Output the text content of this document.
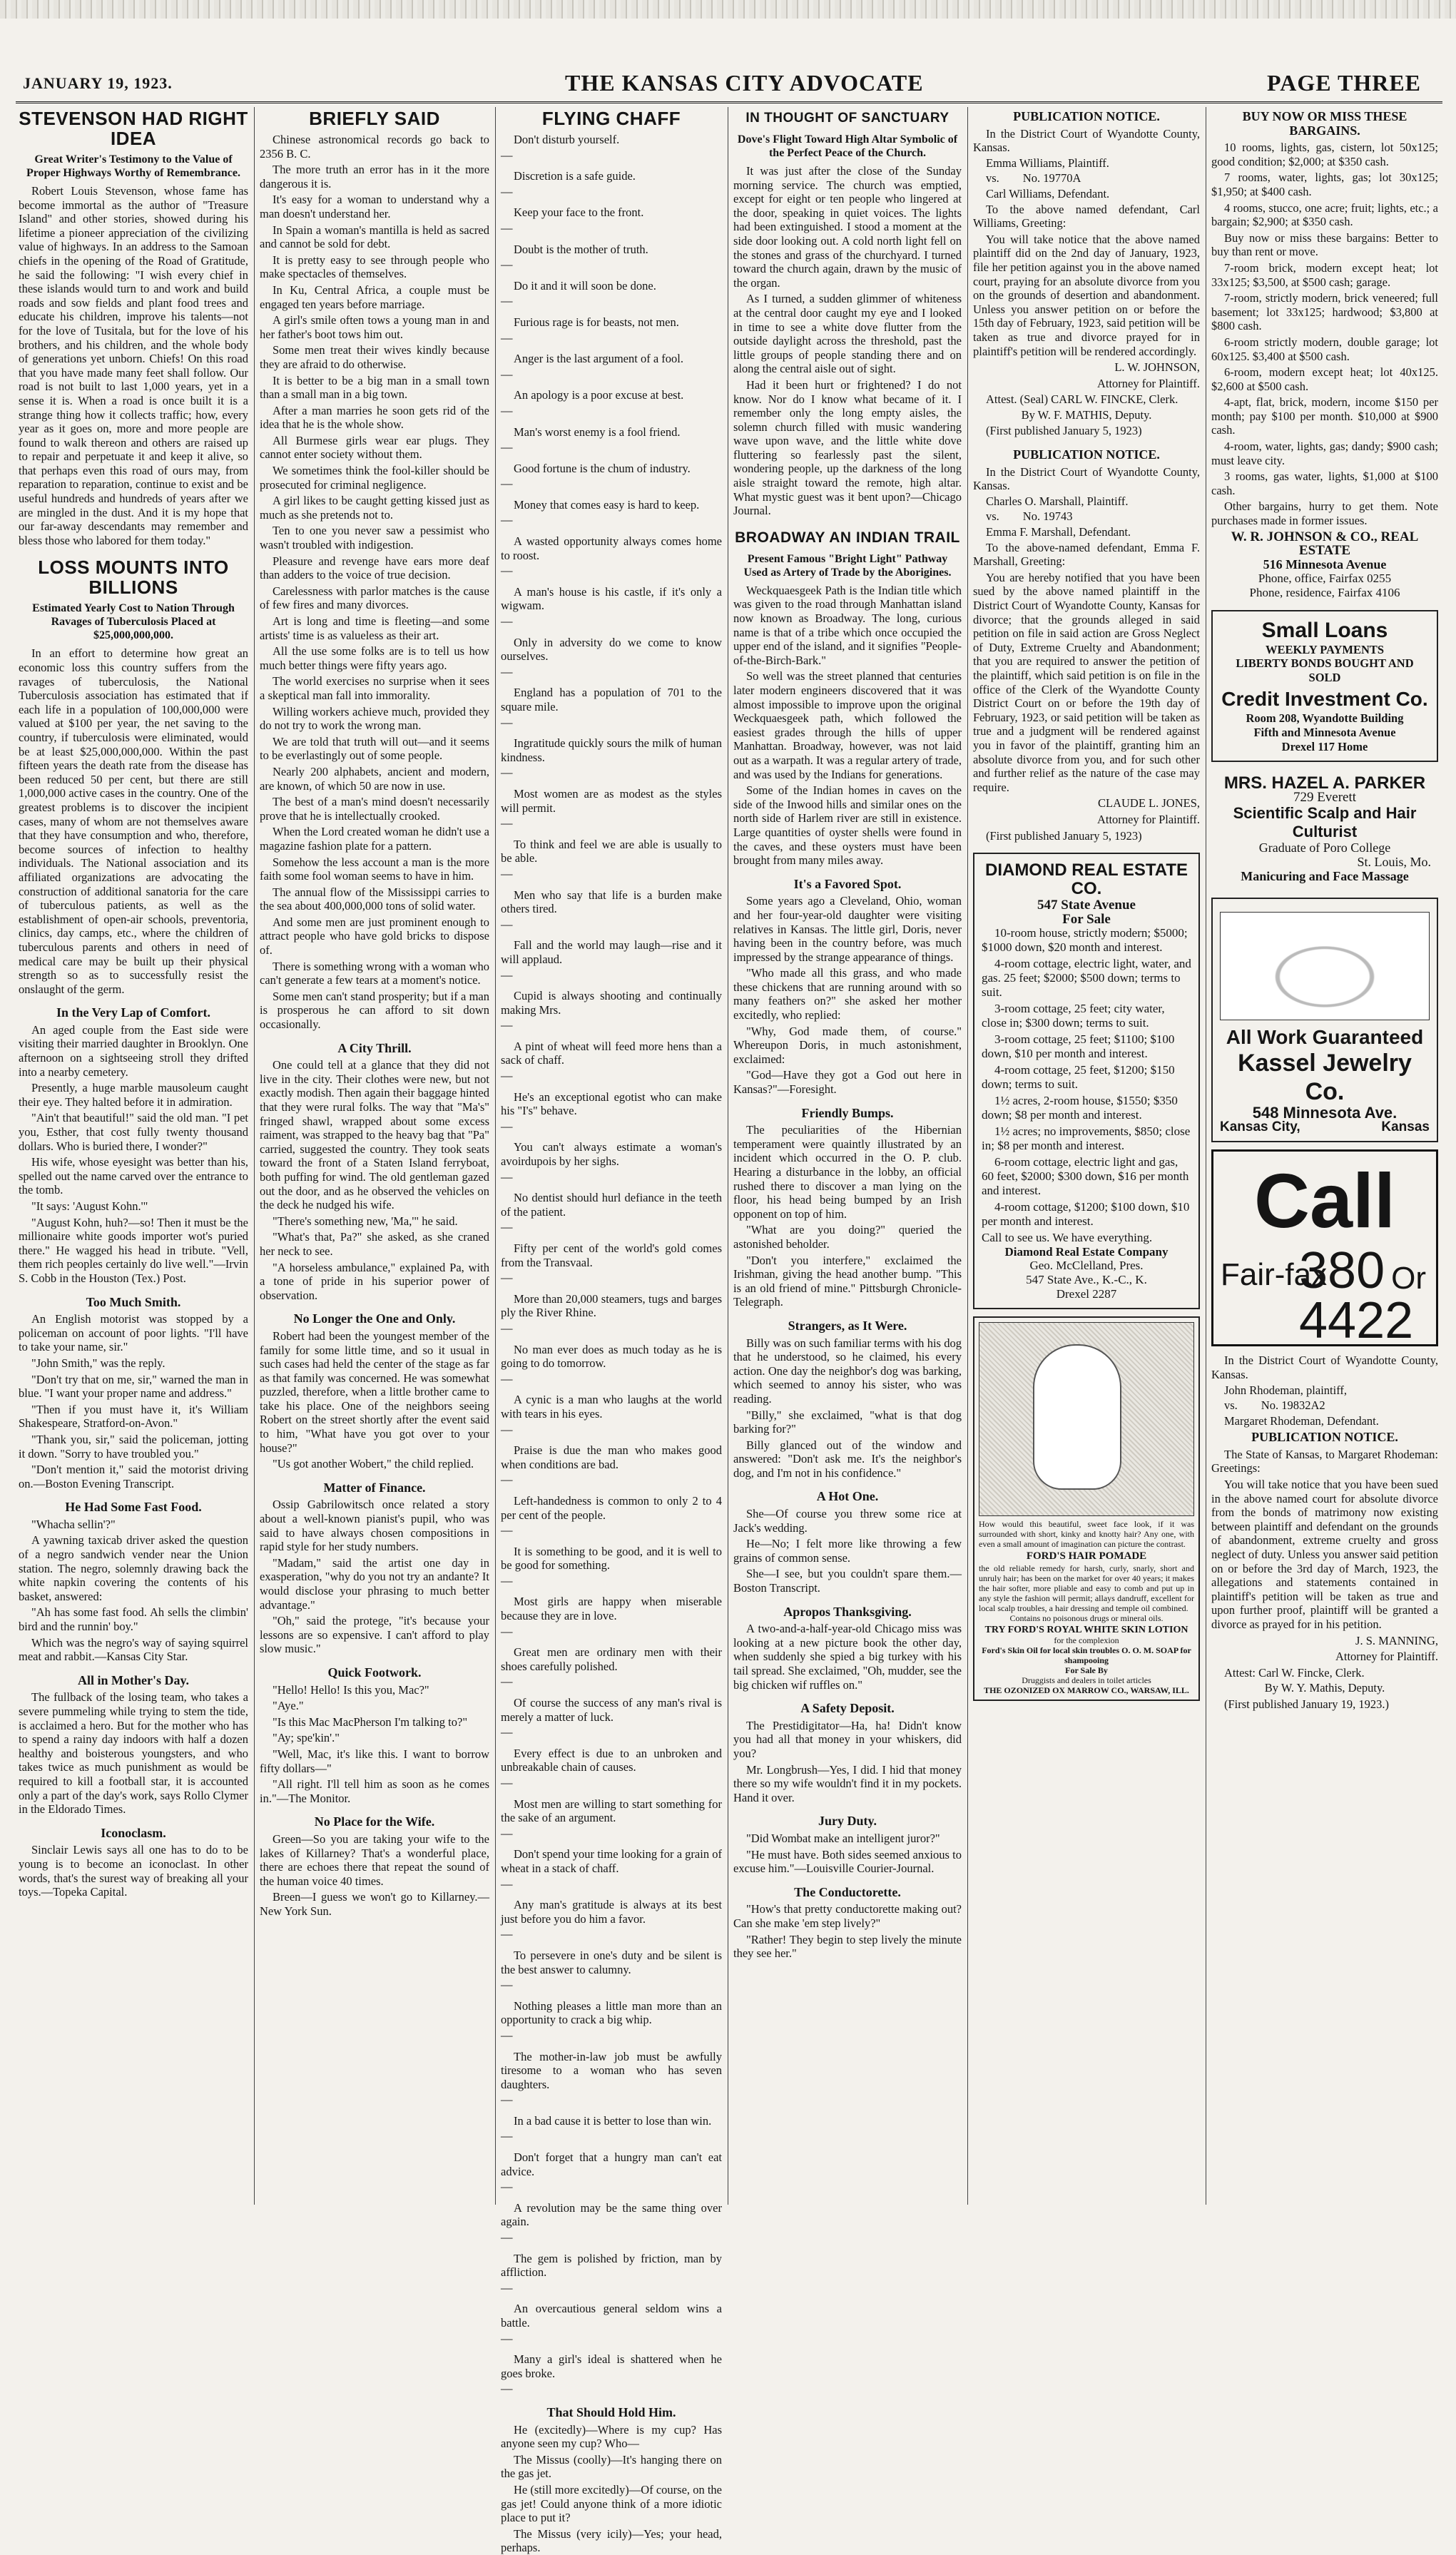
JANUARY 19, 1923.	THE KANSAS CITY ADVOCATE	PAGE THREE
STEVENSON HAD RIGHT IDEA
Great Writer's Testimony to the Value of Proper Highways Worthy of Remembrance.

Robert Louis Stevenson, whose fame has become immortal as the author of "Treasure Island" and other stories, showed during his lifetime a pioneer appreciation of the civilizing value of highways. In an address to the Samoan chiefs in the opening of the Road of Gratitude, he said the following: "I wish every chief in these islands would turn to and work and build roads and sow fields and plant food trees and educate his children, improve his talents—not for the love of Tusitala, but for the love of his brothers, and his children, and the whole body of generations yet unborn. Chiefs! On this road that you have made many feet shall follow. Our road is not built to last 1,000 years, yet in a sense it is. When a road is once built it is a strange thing how it collects traffic; how, every year as it goes on, more and more people are found to walk thereon and others are raised up to repair and perpetuate it and keep it alive, so that perhaps even this road of ours may, from reparation to reparation, continue to exist and be useful hundreds and hundreds of years after we are mingled in the dust. And it is my hope that our far-away descendants may remember and bless those who labored for them today."

LOSS MOUNTS INTO BILLIONS
Estimated Yearly Cost to Nation Through Ravages of Tuberculosis Placed at $25,000,000,000.

In an effort to determine how great an economic loss this country suffers from the ravages of tuberculosis, the National Tuberculosis association has estimated that if each life in a population of 100,000,000 were valued at $100 per year, the net saving to the country, if tuberculosis were eliminated, would be at least $25,000,000,000. Within the past fifteen years the death rate from the disease has been reduced 50 per cent, but there are still 1,000,000 active cases in the country. One of the greatest problems is to discover the incipient cases, many of whom are not themselves aware that they have consumption and who, therefore, become sources of infection to healthy individuals. The National association and its affiliated organizations are advocating the construction of additional sanatoria for the care of tuberculous patients, as well as the establishment of open-air schools, preventoria, clinics, day camps, etc., where the children of tuberculous parents and others in need of medical care may be built up their physical strength so as to successfully resist the onslaught of the germ.

In the Very Lap of Comfort.

An aged couple from the East side were visiting their married daughter in Brooklyn. One afternoon on a sightseeing stroll they drifted into a nearby cemetery.

Presently, a huge marble mausoleum caught their eye. They halted before it in admiration.

"Ain't that beautiful!" said the old man. "I pet you, Esther, that cost fully twenty thousand dollars. Who is buried there, I wonder?"

His wife, whose eyesight was better than his, spelled out the name carved over the entrance to the tomb.

"It says: 'August Kohn.'"

"August Kohn, huh?—so! Then it must be the millionaire white goods importer wot's puried there." He wagged his head in tribute. "Vell, them rich peoples certainly do live well."—Irvin S. Cobb in the Houston (Tex.) Post.

Too Much Smith.

An English motorist was stopped by a policeman on account of poor lights. "I'll have to take your name, sir."

"John Smith," was the reply.

"Don't try that on me, sir," warned the man in blue. "I want your proper name and address."

"Then if you must have it, it's William Shakespeare, Stratford-on-Avon."

"Thank you, sir," said the policeman, jotting it down. "Sorry to have troubled you."

"Don't mention it," said the motorist driving on.—Boston Evening Transcript.

He Had Some Fast Food.

"Whacha sellin'?"

A yawning taxicab driver asked the question of a negro sandwich vender near the Union station. The negro, solemnly drawing back the white napkin covering the contents of his basket, answered:

"Ah has some fast food. Ah sells the climbin' bird and the runnin' boy."

Which was the negro's way of saying squirrel meat and rabbit.—Kansas City Star.

All in Mother's Day.

The fullback of the losing team, who takes a severe pummeling while trying to stem the tide, is acclaimed a hero. But for the mother who has to spend a rainy day indoors with half a dozen healthy and boisterous youngsters, and who takes twice as much punishment as would be required to kill a football star, it is accounted only a part of the day's work, says Rollo Clymer in the Eldorado Times.

Iconoclasm.

Sinclair Lewis says all one has to do to be young is to become an iconoclast. In other words, that's the surest way of breaking all your toys.—Topeka Capital.

BRIEFLY SAID

Chinese astronomical records go back to 2356 B. C.

The more truth an error has in it the more dangerous it is.

It's easy for a woman to understand why a man doesn't understand her.

In Spain a woman's mantilla is held as sacred and cannot be sold for debt.

It is pretty easy to see through people who make spectacles of themselves.

In Ku, Central Africa, a couple must be engaged ten years before marriage.

A girl's smile often tows a young man in and her father's boot tows him out.

Some men treat their wives kindly because they are afraid to do otherwise.

It is better to be a big man in a small town than a small man in a big town.

After a man marries he soon gets rid of the idea that he is the whole show.

All Burmese girls wear ear plugs. They cannot enter society without them.

We sometimes think the fool-killer should be prosecuted for criminal negligence.

A girl likes to be caught getting kissed just as much as she pretends not to.

Ten to one you never saw a pessimist who wasn't troubled with indigestion.

Pleasure and revenge have ears more deaf than adders to the voice of true decision.

Carelessness with parlor matches is the cause of few fires and many divorces.

Art is long and time is fleeting—and some artists' time is as valueless as their art.

All the use some folks are is to tell us how much better things were fifty years ago.

The world exercises no surprise when it sees a skeptical man fall into immorality.

Willing workers achieve much, provided they do not try to work the wrong man.

We are told that truth will out—and it seems to be everlastingly out of some people.

Nearly 200 alphabets, ancient and modern, are known, of which 50 are now in use.

The best of a man's mind doesn't necessarily prove that he is intellectually crooked.

When the Lord created woman he didn't use a magazine fashion plate for a pattern.

Somehow the less account a man is the more faith some fool woman seems to have in him.

The annual flow of the Mississippi carries to the sea about 400,000,000 tons of solid water.

And some men are just prominent enough to attract people who have gold bricks to dispose of.

There is something wrong with a woman who can't generate a few tears at a moment's notice.

Some men can't stand prosperity; but if a man is prosperous he can afford to sit down occasionally.

A City Thrill.

One could tell at a glance that they did not live in the city. Their clothes were new, but not exactly modish. Then again their baggage hinted that they were rural folks. The way that "Ma's" fringed shawl, wrapped about some excess raiment, was strapped to the heavy bag that "Pa" carried, suggested the country. They took seats toward the front of a Staten Island ferryboat, both puffing for wind. The old gentleman gazed out the door, and as he observed the vehicles on the deck he nudged his wife.

"There's something new, 'Ma,'" he said.

"What's that, Pa?" she asked, as she craned her neck to see.

"A horseless ambulance," explained Pa, with a tone of pride in his superior power of observation.

No Longer the One and Only.

Robert had been the youngest member of the family for some little time, and so it usual in such cases had held the center of the stage as far as that family was concerned. He was somewhat puzzled, therefore, when a little brother came to take his place. One of the neighbors seeing Robert on the street shortly after the event said to him, "What have you got over to your house?"

"Us got another Wobert," the child replied.

Matter of Finance.

Ossip Gabrilowitsch once related a story about a well-known pianist's pupil, who was said to have always chosen compositions in rapid style for her study numbers.

"Madam," said the artist one day in exasperation, "why do you not try an andante? It would disclose your phrasing to much better advantage."

"Oh," said the protege, "it's because your lessons are so expensive. I can't afford to play slow music."

Quick Footwork.

"Hello! Hello! Is this you, Mac?"

"Aye."

"Is this Mac MacPherson I'm talking to?"

"Ay; spe'kin'."

"Well, Mac, it's like this. I want to borrow fifty dollars—"

"All right. I'll tell him as soon as he comes in."—The Monitor.

No Place for the Wife.

Green—So you are taking your wife to the lakes of Killarney? That's a wonderful place, there are echoes there that repeat the sound of the human voice 40 times.

Breen—I guess we won't go to Killarney.—New York Sun.

FLYING CHAFF

Don't disturb yourself.

—

Discretion is a safe guide.

—

Keep your face to the front.

—

Doubt is the mother of truth.

—

Do it and it will soon be done.

—

Furious rage is for beasts, not men.

—

Anger is the last argument of a fool.

—

An apology is a poor excuse at best.

—

Man's worst enemy is a fool friend.

—

Good fortune is the chum of industry.

—

Money that comes easy is hard to keep.

—

A wasted opportunity always comes home to roost.

—

A man's house is his castle, if it's only a wigwam.

—

Only in adversity do we come to know ourselves.

—

England has a population of 701 to the square mile.

—

Ingratitude quickly sours the milk of human kindness.

—

Most women are as modest as the styles will permit.

—

To think and feel we are able is usually to be able.

—

Men who say that life is a burden make others tired.

—

Fall and the world may laugh—rise and it will applaud.

—

Cupid is always shooting and continually making Mrs.

—

A pint of wheat will feed more hens than a sack of chaff.

—

He's an exceptional egotist who can make his "I's" behave.

—

You can't always estimate a woman's avoirdupois by her sighs.

—

No dentist should hurl defiance in the teeth of the patient.

—

Fifty per cent of the world's gold comes from the Transvaal.

—

More than 20,000 steamers, tugs and barges ply the River Rhine.

—

No man ever does as much today as he is going to do tomorrow.

—

A cynic is a man who laughs at the world with tears in his eyes.

—

Praise is due the man who makes good when conditions are bad.

—

Left-handedness is common to only 2 to 4 per cent of the people.

—

It is something to be good, and it is well to be good for something.

—

Most girls are happy when miserable because they are in love.

—

Great men are ordinary men with their shoes carefully polished.

—

Of course the success of any man's rival is merely a matter of luck.

—

Every effect is due to an unbroken and unbreakable chain of causes.

—

Most men are willing to start something for the sake of an argument.

—

Don't spend your time looking for a grain of wheat in a stack of chaff.

—

Any man's gratitude is always at its best just before you do him a favor.

—

To persevere in one's duty and be silent is the best answer to calumny.

—

Nothing pleases a little man more than an opportunity to crack a big whip.

—

The mother-in-law job must be awfully tiresome to a woman who has seven daughters.

—

In a bad cause it is better to lose than win.

—

Don't forget that a hungry man can't eat advice.

—

A revolution may be the same thing over again.

—

The gem is polished by friction, man by affliction.

—

An overcautious general seldom wins a battle.

—

Many a girl's ideal is shattered when he goes broke.

—

That Should Hold Him.

He (excitedly)—Where is my cup? Has anyone seen my cup? Who—

The Missus (coolly)—It's hanging there on the gas jet.

He (still more excitedly)—Of course, on the gas jet! Could anyone think of a more idiotic place to put it?

The Missus (very icily)—Yes; your head, perhaps.

IN THOUGHT OF SANCTUARY
Dove's Flight Toward High Altar Symbolic of the Perfect Peace of the Church.

It was just after the close of the Sunday morning service. The church was emptied, except for eight or ten people who lingered at the door, speaking in quiet voices. The lights had been extinguished. I stood a moment at the side door looking out. A cold north light fell on the stones and grass of the churchyard. I turned toward the church again, drawn by the music of the organ.

As I turned, a sudden glimmer of whiteness at the central door caught my eye and I looked in time to see a white dove flutter from the outside daylight across the threshold, past the little groups of people standing there and on along the central aisle out of sight.

Had it been hurt or frightened? I do not know. Nor do I know what became of it. I remember only the long empty aisles, the solemn church filled with music wandering wave upon wave, and the little white dove fluttering so fearlessly past the silent, wondering people, up the darkness of the long aisle straight toward the remote, high altar. What mystic guest was it bent upon?—Chicago Journal.

BROADWAY AN INDIAN TRAIL
Present Famous "Bright Light" Pathway Used as Artery of Trade by the Aborigines.

Weckquaesgeek Path is the Indian title which was given to the road through Manhattan island now known as Broadway. The long, curious name is that of a tribe which once occupied the upper end of the island, and it signifies "People-of-the-Birch-Bark."

So well was the street planned that centuries later modern engineers discovered that it was almost impossible to improve upon the original Weckquaesgeek path, which followed the easiest grades through the hills of upper Manhattan. Broadway, however, was not laid out as a warpath. It was a regular artery of trade, and was used by the Indians for generations.

Some of the Indian homes in caves on the side of the Inwood hills and similar ones on the north side of Harlem river are still in existence. Large quantities of oyster shells were found in the caves, and these oysters must have been brought from many miles away.

It's a Favored Spot.

Some years ago a Cleveland, Ohio, woman and her four-year-old daughter were visiting relatives in Kansas. The little girl, Doris, never having been in the country before, was much impressed by the strange appearance of things.

"Who made all this grass, and who made these chickens that are running around with so many feathers on?" she asked her mother excitedly, who replied:

"Why, God made them, of course." Whereupon Doris, in much astonishment, exclaimed:

"God—Have they got a God out here in Kansas?"—Foresight.

Friendly Bumps.

The peculiarities of the Hibernian temperament were quaintly illustrated by an incident which occurred in the O. P. club. Hearing a disturbance in the lobby, an official rushed there to discover a man lying on the floor, his head being bumped by an Irish opponent on top of him.

"What are you doing?" queried the astonished beholder.

"Don't you interfere," exclaimed the Irishman, giving the head another bump. "This is an old friend of mine." Pittsburgh Chronicle-Telegraph.

Strangers, as It Were.

Billy was on such familiar terms with his dog that he understood, so he claimed, his every action. One day the neighbor's dog was barking, which seemed to annoy his sister, who was reading.

"Billy," she exclaimed, "what is that dog barking for?"

Billy glanced out of the window and answered: "Don't ask me. It's the neighbor's dog, and I'm not in his confidence."

A Hot One.

She—Of course you threw some rice at Jack's wedding.

He—No; I felt more like throwing a few grains of common sense.

She—I see, but you couldn't spare them.—Boston Transcript.

Apropos Thanksgiving.

A two-and-a-half-year-old Chicago miss was looking at a new picture book the other day, when suddenly she spied a big turkey with his tail spread. She exclaimed, "Oh, mudder, see the big chicken wif ruffles on."

A Safety Deposit.

The Prestidigitator—Ha, ha! Didn't know you had all that money in your whiskers, did you?

Mr. Longbrush—Yes, I did. I hid that money there so my wife wouldn't find it in my pockets. Hand it over.

Jury Duty.

"Did Wombat make an intelligent juror?"

"He must have. Both sides seemed anxious to excuse him."—Louisville Courier-Journal.

The Conductorette.

"How's that pretty conductorette making out? Can she make 'em step lively?"

"Rather! They begin to step lively the minute they see her."

PUBLICATION NOTICE.

In the District Court of Wyandotte County, Kansas.

Emma Williams, Plaintiff.

vs. No. 19770A

Carl Williams, Defendant.

To the above named defendant, Carl Williams, Greeting:

You will take notice that the above named plaintiff did on the 2nd day of January, 1923, file her petition against you in the above named court, praying for an absolute divorce from you on the grounds of desertion and abandonment. Unless you answer petition on or before the 15th day of February, 1923, said petition will be taken as true and divorce prayed for in plaintiff's petition will be rendered accordingly.

L. W. JOHNSON,

Attorney for Plaintiff.

Attest. (Seal) CARL W. FINCKE, Clerk.

By W. F. MATHIS, Deputy.

(First published January 5, 1923)

PUBLICATION NOTICE.

In the District Court of Wyandotte County, Kansas.

Charles O. Marshall, Plaintiff.

vs. No. 19743

Emma F. Marshall, Defendant.

To the above-named defendant, Emma F. Marshall, Greeting:

You are hereby notified that you have been sued by the above named plaintiff in the District Court of Wyandotte County, Kansas for divorce; that the grounds alleged in said petition on file in said action are Gross Neglect of Duty, Extreme Cruelty and Abandonment; that you are required to answer the petition of the plaintiff, which said petition is on file in the office of the Clerk of the Wyandotte County District Court on or before the 19th day of February, 1923, or said petition will be taken as true and a judgment will be rendered against you in favor of the plaintiff, granting him an absolute divorce from you, and for such other and further relief as the nature of the case may require.

CLAUDE L. JONES,

Attorney for Plaintiff.

(First published January 5, 1923)

DIAMOND REAL ESTATE CO.
547 State Avenue
For Sale

10-room house, strictly modern; $5000; $1000 down, $20 month and interest.

4-room cottage, electric light, water, and gas. 25 feet; $2000; $500 down; terms to suit.

3-room cottage, 25 feet; city water, close in; $300 down; terms to suit.

3-room cottage, 25 feet; $1100; $100 down, $10 per month and interest.

4-room cottage, 25 feet, $1200; $150 down; terms to suit.

1½ acres, 2-room house, $1550; $350 down; $8 per month and interest.

1½ acres; no improvements, $850; close in; $8 per month and interest.

6-room cottage, electric light and gas, 60 feet, $2000; $300 down, $16 per month and interest.

4-room cottage, $1200; $100 down, $10 per month and interest.

Call to see us. We have everything.
Diamond Real Estate Company
Geo. McClelland, Pres.
547 State Ave., K.-C., K.
Drexel 2287
How would this beautiful, sweet face look, if it was surrounded with short, kinky and knotty hair? Any one, with even a small amount of imagination can picture the contrast.
FORD'S HAIR POMADE
the old reliable remedy for harsh, curly, snarly, short and unruly hair; has been on the market for over 40 years; it makes the hair softer, more pliable and easy to comb and put up in any style the fashion will permit; allays dandruff, excellent for local scalp troubles, a hair dressing and temple oil combined.
Contains no poisonous drugs or mineral oils.
TRY FORD'S ROYAL WHITE SKIN LOTION
for the complexion
Ford's Skin Oil for local skin troubles O. O. M. SOAP for shampooing
For Sale By
Druggists and dealers in toilet articles
THE OZONIZED OX MARROW CO., WARSAW, ILL.
BUY NOW OR MISS THESE BARGAINS.

10 rooms, lights, gas, cistern, lot 50x125; good condition; $2,000; at $350 cash.

7 rooms, water, lights, gas; lot 30x125; $1,950; at $400 cash.

4 rooms, stucco, one acre; fruit; lights, etc.; a bargain; $2,900; at $350 cash.

Buy now or miss these bargains: Better to buy than rent or move.

7-room brick, modern except heat; lot 33x125; $3,500, at $500 cash; garage.

7-room, strictly modern, brick veneered; full basement; lot 33x125; hardwood; $3,800 at $800 cash.

6-room strictly modern, double garage; lot 60x125. $3,400 at $500 cash.

6-room, modern except heat; lot 40x125. $2,600 at $500 cash.

4-apt, flat, brick, modern, income $150 per month; pay $100 per month. $10,000 at $900 cash.

4-room, water, lights, gas; dandy; $900 cash; must leave city.

3 rooms, gas water, lights, $1,000 at $100 cash.

Other bargains, hurry to get them. Note purchases made in former issues.

W. R. JOHNSON & CO., REAL ESTATE
516 Minnesota Avenue
Phone, office, Fairfax 0255
Phone, residence, Fairfax 4106
Small Loans
WEEKLY PAYMENTS
LIBERTY BONDS BOUGHT AND SOLD
Credit Investment Co.
Room 208, Wyandotte Building
Fifth and Minnesota Avenue
Drexel 117 Home
MRS. HAZEL A. PARKER
729 Everett
Scientific Scalp and Hair Culturist
Graduate of Poro College
St. Louis, Mo.
Manicuring and Face Massage
All Work Guaranteed
Kassel Jewelry Co.
548 Minnesota Ave.
Kansas City,	Kansas
Call
Fair-fax
380
4422
Or

In the District Court of Wyandotte County, Kansas.

John Rhodeman, plaintiff,

vs. No. 19832A2

Margaret Rhodeman, Defendant.

PUBLICATION NOTICE.

The State of Kansas, to Margaret Rhodeman: Greetings:

You will take notice that you have been sued in the above named court for absolute divorce from the bonds of matrimony now existing between plaintiff and defendant on the grounds of abandonment, extreme cruelty and gross neglect of duty. Unless you answer said petition on or before the 3rd day of March, 1923, the allegations and statements contained in plaintiff's petition will be taken as true and upon further proof, plaintiff will be granted a divorce as prayed for in his petition.

J. S. MANNING,

Attorney for Plaintiff.

Attest: Carl W. Fincke, Clerk.

By W. Y. Mathis, Deputy.

(First published January 19, 1923.)
